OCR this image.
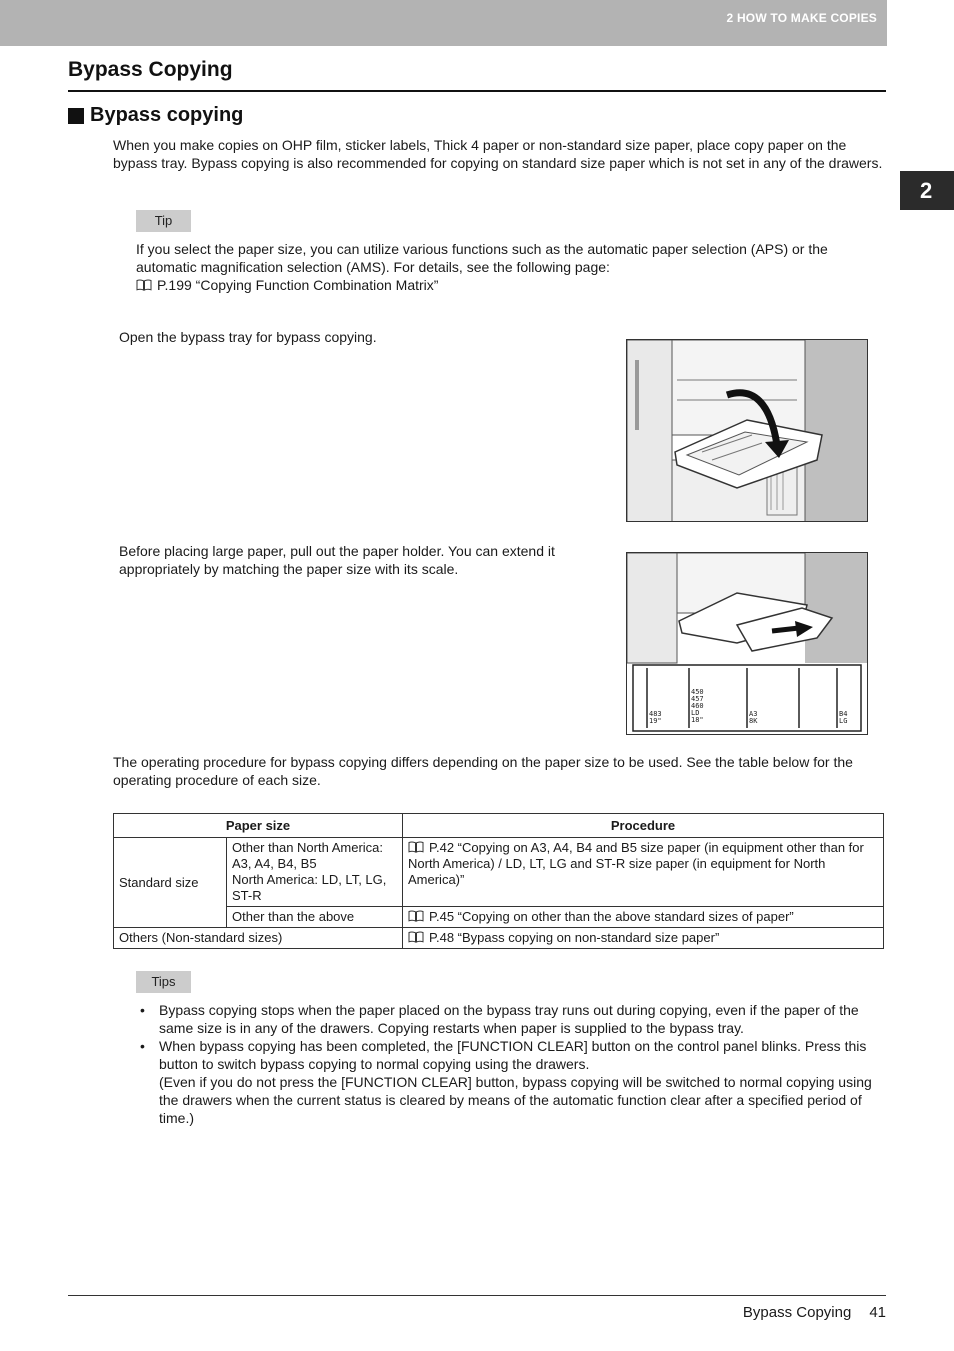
2 HOW TO MAKE COPIES
2
Bypass Copying
Bypass copying

When you make copies on OHP film, sticker labels, Thick 4 paper or non-standard size paper, place copy paper on the bypass tray. Bypass copying is also recommended for copying on standard size paper which is not set in any of the drawers.

Tip
If you select the paper size, you can utilize various functions such as the automatic paper selection (APS) or the automatic magnification selection (AMS). For details, see the following page:
P.199 “Copying Function Combination Matrix”

Open the bypass tray for bypass copying.

Before placing large paper, pull out the paper holder. You can extend it appropriately by matching the paper size with its scale.

483
19"
450
457
460
LD
18"
A3
8K
B4
LG

The operating procedure for bypass copying differs depending on the paper size to be used. See the table below for the operating procedure of each size.

Paper size		Procedure
Standard size	Other than North America:
A3, A4, B4, B5
North America: LD, LT, LG,
ST-R	P.42 “Copying on A3, A4, B4 and B5 size paper (in equipment other than for North America) / LD, LT, LG and ST-R size paper (in equipment for North America)”
	Other than the above	P.45 “Copying on other than the above standard sizes of paper”
Others (Non-standard sizes)		P.48 “Bypass copying on non-standard size paper”
Tips
• Bypass copying stops when the paper placed on the bypass tray runs out during copying, even if the paper of the same size is in any of the drawers. Copying restarts when paper is supplied to the bypass tray.
• When bypass copying has been completed, the [FUNCTION CLEAR] button on the control panel blinks. Press this button to switch bypass copying to normal copying using the drawers.
(Even if you do not press the [FUNCTION CLEAR] button, bypass copying will be switched to normal copying using the drawers when the current status is cleared by means of the automatic function clear after a specified period of time.)
Bypass Copying 41
